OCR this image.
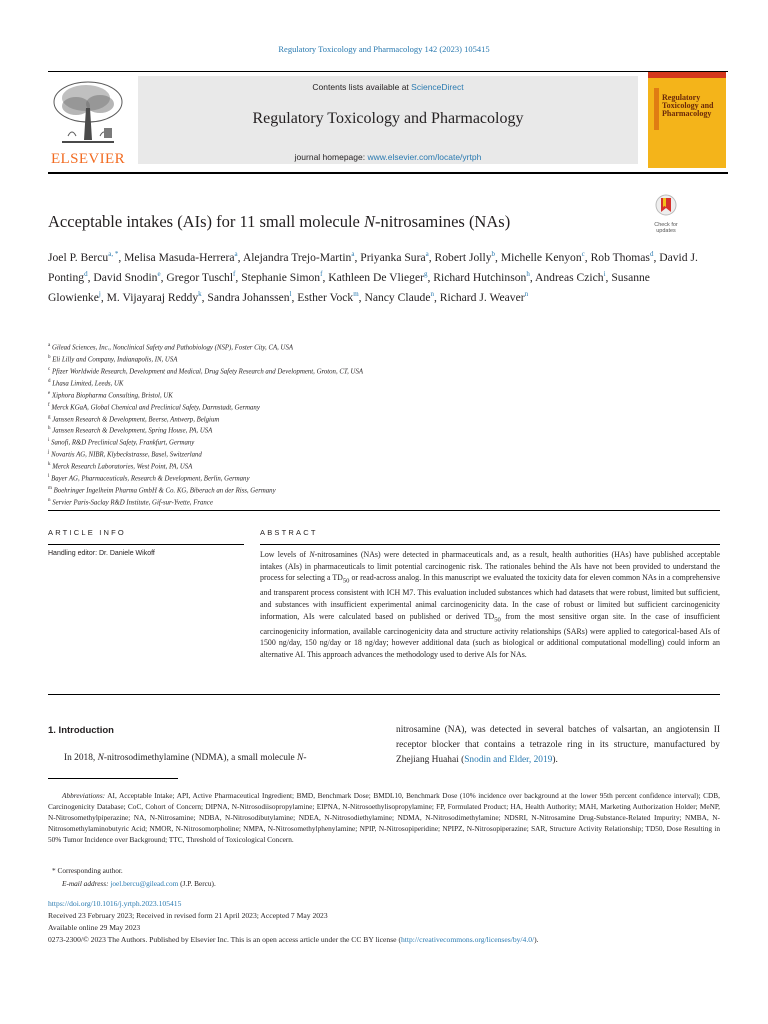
Regulatory Toxicology and Pharmacology 142 (2023) 105415
ELSEVIER
Contents lists available at ScienceDirect
Regulatory Toxicology and Pharmacology
journal homepage: www.elsevier.com/locate/yrtph
Regulatory Toxicology and Pharmacology
Check for updates
Acceptable intakes (AIs) for 11 small molecule N-nitrosamines (NAs)
Joel P. Bercu$^{a, *}$, Melisa Masuda-Herrera$^a$, Alejandra Trejo-Martin$^a$, Priyanka Sura$^a$, Robert Jolly$^b$, Michelle Kenyon$^c$, Rob Thomas$^d$, David J. Ponting$^d$, David Snodin$^e$, Gregor Tuschl$^f$, Stephanie Simon$^f$, Kathleen De Vlieger$^g$, Richard Hutchinson$^h$, Andreas Czich$^i$, Susanne Glowienke$^j$, M. Vijayaraj Reddy$^k$, Sandra Johanssen$^l$, Esther Vock$^m$, Nancy Claude$^n$, Richard J. Weaver$^n$
$^a$ Gilead Sciences, Inc., Nonclinical Safety and Pathobiology (NSP), Foster City, CA, USA
$^b$ Eli Lilly and Company, Indianapolis, IN, USA
$^c$ Pfizer Worldwide Research, Development and Medical, Drug Safety Research and Development, Groton, CT, USA
$^d$ Lhasa Limited, Leeds, UK
$^e$ Xiphora Biopharma Consulting, Bristol, UK
$^f$ Merck KGaA, Global Chemical and Preclinical Safety, Darmstadt, Germany
$^g$ Janssen Research & Development, Beerse, Antwerp, Belgium
$^h$ Janssen Research & Development, Spring House, PA, USA
$^i$ Sanofi, R&D Preclinical Safety, Frankfurt, Germany
$^j$ Novartis AG, NIBR, Klybeckstrasse, Basel, Switzerland
$^k$ Merck Research Laboratories, West Point, PA, USA
$^l$ Bayer AG, Pharmaceuticals, Research & Development, Berlin, Germany
$^m$ Boehringer Ingelheim Pharma GmbH & Co. KG, Biberach an der Riss, Germany
$^n$ Servier Paris-Saclay R&D Institute, Gif-sur-Yvette, France
ARTICLE INFO	ABSTRACT
Handling editor: Dr. Daniele Wikoff	Low levels of N-nitrosamines (NAs) were detected in pharmaceuticals and, as a result, health authorities (HAs) have published acceptable intakes (AIs) in pharmaceuticals to limit potential carcinogenic risk. The rationales behind the AIs have not been provided to understand the process for selecting a $TD_{50}$ or read-across analog. In this manuscript we evaluated the toxicity data for eleven common NAs in a comprehensive and transparent process consistent with ICH M7. This evaluation included substances which had datasets that were robust, limited but sufficient, and substances with insufficient experimental animal carcinogenicity data. In the case of robust or limited but sufficient carcinogenicity information, AIs were calculated based on published or derived $TD_{50}$ from the most sensitive organ site. In the case of insufficient carcinogenicity information, available carcinogenicity data and structure activity relationships (SARs) were applied to categorical-based AIs of 1500 ng/day, 150 ng/day or 18 ng/day; however additional data (such as biological or additional computational modelling) could inform an alternative AI. This approach advances the methodology used to derive AIs for NAs.
1. Introduction
In 2018, N-nitrosodimethylamine (NDMA), a small molecule N-
nitrosamine (NA), was detected in several batches of valsartan, an angiotensin II receptor blocker that contains a tetrazole ring in its structure, manufactured by Zhejiang Huahai (Snodin and Elder, 2019).
Abbreviations: AI, Acceptable Intake; API, Active Pharmaceutical Ingredient; BMD, Benchmark Dose; BMDL10, Benchmark Dose (10% incidence over background at the lower 95th percent confidence interval); CDB, Carcinogenicity Database; CoC, Cohort of Concern; DIPNA, N-Nitrosodiisopropylamine; EIPNA, N-Nitrosoethylisopropylamine; FP, Formulated Product; HA, Health Authority; MAH, Marketing Authorization Holder; MeNP, N-Nitrosomethylpiperazine; NA, N-Nitrosamine; NDBA, N-Nitrosodibutylamine; NDEA, N-Nitrosodiethylamine; NDMA, N-Nitrosodimethylamine; NDSRI, N-Nitrosamine Drug-Substance-Related Impurity; NMBA, N-Nitrosomethylaminobutyric Acid; NMOR, N-Nitrosomorpholine; NMPA, N-Nitrosomethylphenylamine; NPIP, N-Nitrosopiperidine; NPIPZ, N-Nitrosopiperazine; SAR, Structure Activity Relationship; TD50, Dose Resulting in 50% Tumor Incidence over Background; TTC, Threshold of Toxicological Concern.
* Corresponding author.
E-mail address: joel.bercu@gilead.com (J.P. Bercu).
https://doi.org/10.1016/j.yrtph.2023.105415
Received 23 February 2023; Received in revised form 21 April 2023; Accepted 7 May 2023
Available online 29 May 2023
0273-2300/© 2023 The Authors. Published by Elsevier Inc. This is an open access article under the CC BY license (http://creativecommons.org/licenses/by/4.0/).
